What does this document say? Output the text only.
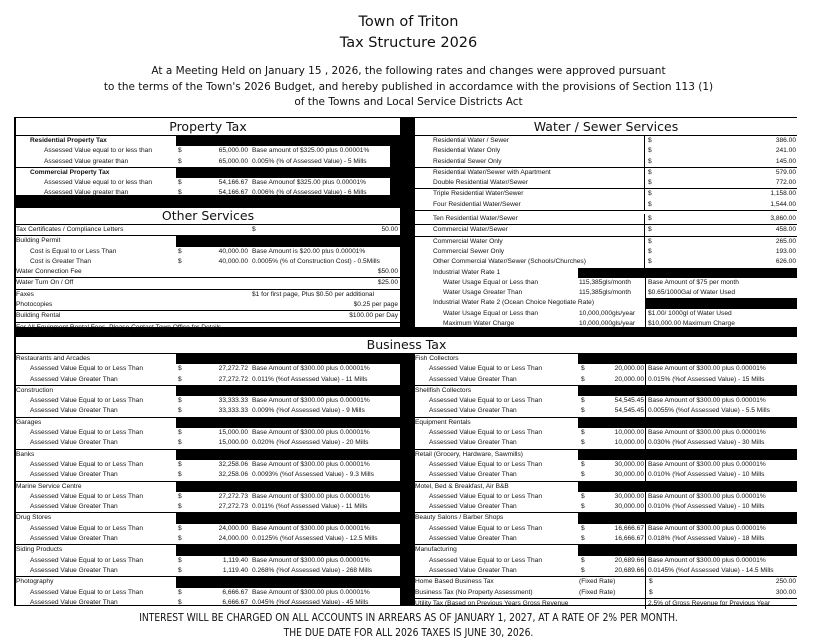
Town of Triton
Tax Structure 2026
At a Meeting Held on January 15 , 2026, the following rates and changes were approved pursuant
to the terms of the Town's 2026 Budget, and hereby published in accordamce with the provisions of Section 113 (1)
of the Towns and Local Service Districts Act
Property Tax
Residential Property Tax
Assessed Value equal to or less than	$	65,000.00 Base amount of $325.00 plus 0.00001%
Assessed Value greater than	$	65,000.00 0.005% (% of Assessed Value) - 5 Mills
Commercial Property Tax
Assessed Value equal to or less than	$	54,166.67 Base Amounof $325.00 plus 0.00001%
Assessed Value greater than	$	54,166.67 0.006% (% of Assessed Value) - 6 Mills
Other Services
Tax Certificates / Compliance Letters	$	50.00
Building Permit
Cost is Equal to or Less Than	$	40,000.00 Base Amount is $20.00 plus 0.00001%
Cost is Greater Than	$	40,000.00 0.0005% (% of Construction Cost) - 0.5Mills
Water Connection Fee	$50.00
Water Turn On / Off	$25.00
Faxes	$1 for first page, Plus $0.50 per additional
Photocopies	$0.25 per page
Building Rental	$100.00 per Day
For All Equipment Rental Fees, Please Contact Town Office for Details
Water / Sewer Services
Residential Water / Sewer	$	386.00
Residential Water Only	$	241.00
Residential Sewer Only	$	145.00
Residential Water/Sewer with Apartment	$	579.00
Double Residential Water/Sewer	$	772.00
Triple Residential Water/Sewer	$	1,158.00
Four Residential Water/Sewer	$	1,544.00
Ten Residential Water/Sewer	$	3,860.00
Commercial Water/Sewer	$	458.00
Commercial Water Only	$	265.00
Commercial Sewer Only	$	193.00
Other Commercial Water/Sewer (Schools/Churches)	$	626.00
Industrial Water Rate 1
Water Usage Equal or Less than	115,385gls/month	Base Amount of $75 per month
Water Usage Greater Than	115,385gls/month	$0.65/1000Gal of Water Used
Industrial Water Rate 2 (Ocean Choice Negotiate Rate)
Water Usage Equal or Less than	10,000,000gls/year	$1.00/ 1000gl of Water Used
Maximum Water Charge	10,000,000gls/year	$10,000.00 Maximum Charge
Business Tax
Restaurants and Arcades
Assessed Value Equal to or Less Than	$	27,272.72 Base Amount of $300.00 plus 0.00001%
Assessed Value Greater Than	$	27,272.72 0.011% (%of Assessed Value) - 11 Mills
Construction
Assessed Value Equal to or Less Than	$	33,333.33 Base Amount of $300.00 plus 0.00001%
Assessed Value Greater Than	$	33,333.33 0.009% (%of Assessed Value) - 9 Mills
Garages
Assessed Value Equal to or Less Than	$	15,000.00 Base Amount of $300.00 plus 0.00001%
Assessed Value Greater Than	$	15,000.00 0.020% (%of Assessed Value) - 20 Mills
Banks
Assessed Value Equal to or Less Than	$	32,258.06 Base Amount of $300.00 plus 0.00001%
Assessed Value Greater Than	$	32,258.06 0.0093% (%of Assessed Value) - 9.3 Mills
Marine Service Centre
Assessed Value Equal to or Less Than	$	27,272.73 Base Amount of $300.00 plus 0.00001%
Assessed Value Greater Than	$	27,272.73 0.011% (%of Assessed Value) - 11 Mills
Drug Stores
Assessed Value Equal to or Less Than	$	24,000.00 Base Amount of $300.00 plus 0.00001%
Assessed Value Greater Than	$	24,000.00 0.0125% (%of Assessed Value) - 12.5 Mills
Siding Products
Assessed Value Equal to or Less Than	$	1,119.40 Base Amount of $300.00 plus 0.00001%
Assessed Value Greater Than	$	1,119.40 0.268% (%of Assessed Value) - 268 Mills
Photography
Assessed Value Equal to or Less Than	$	6,666.67 Base Amount of $300.00 plus 0.00001%
Assessed Value Greater Than	$	6,666.67 0.045% (%of Assessed Value) - 45 Mills
Fish Collectors
Assessed Value Equal to or Less Than	$	20,000.00 Base Amount of $300.00 plus 0.00001%
Assessed Value Greater Than	$	20,000.00 0.015% (%of Assessed Value) - 15 Mills
Shellfish Collectors
Assessed Value Equal to or Less Than	$	54,545.45 Base Amount of $300.00 plus 0.00001%
Assessed Value Greater Than	$	54,545.45 0.0055% (%of Assessed Value) - 5.5 Mills
Equipment Rentals
Assessed Value Equal to or Less Than	$	10,000.00 Base Amount of $300.00 plus 0.00001%
Assessed Value Greater Than	$	10,000.00 0.030% (%of Assessed Value) - 30 Mills
Retail (Grocery, Hardware, Sawmills)
Assessed Value Equal to or Less Than	$	30,000.00 Base Amount of $300.00 plus 0.00001%
Assessed Value Greater Than	$	30,000.00 0.010% (%of Assessed Value) - 10 Mills
Motel, Bed & Breakfast, Air B&B
Assessed Value Equal to or Less Than	$	30,000.00 Base Amount of $300.00 plus 0.00001%
Assessed Value Greater Than	$	30,000.00 0.010% (%of Assessed Value) - 10 Mills
Beauty Salons / Barber Shops
Assessed Value Equal to or Less Than	$	16,666.67 Base Amount of $300.00 plus 0.00001%
Assessed Value Greater Than	$	16,666.67 0.018% (%of Assessed Value) - 18 Mills
Manufacturing
Assessed Value Equal to or Less Than	$	20,689.66 Base Amount of $300.00 plus 0.00001%
Assessed Value Greater Than	$	20,689.66 0.0145% (%of Assessed Value) - 14.5 Mills
Home Based Business Tax	(Fixed Rate)	$	250.00
Business Tax (No Property Assessment)	(Fixed Rate)	$	300.00
Utility Tax (Based on Previous Years Gross Revenue	2.5% of Gross Revenue for Previous Year
INTEREST WILL BE CHARGED ON ALL ACCOUNTS IN ARREARS AS OF JANUARY 1, 2027, AT A RATE OF 2% PER MONTH.
THE DUE DATE FOR ALL 2026 TAXES IS JUNE 30, 2026.
